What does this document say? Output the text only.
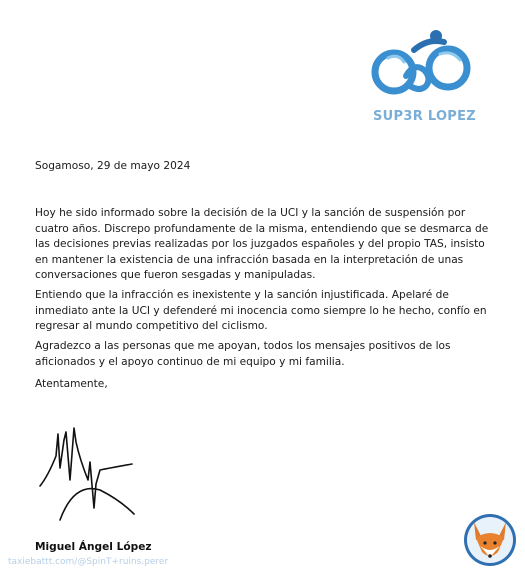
SUP3R LOPEZ
Sogamoso, 29 de mayo 2024
Hoy he sido informado sobre la decisión de la UCI y la sanción de suspensión por cuatro años. Discrepo profundamente de la misma, entendiendo que se desmarca de las decisiones previas realizadas por los juzgados españoles y del propio TAS, insisto en mantener la existencia de una infracción basada en la interpretación de unas conversaciones que fueron sesgadas y manipuladas.
Entiendo que la infracción es inexistente y la sanción injustificada. Apelaré de inmediato ante la UCI y defenderé mi inocencia como siempre lo he hecho, confío en regresar al mundo competitivo del ciclismo.
Agradezco a las personas que me apoyan, todos los mensajes positivos de los aficionados y el apoyo continuo de mi equipo y mi familia.
Atentamente,
Miguel Ángel López
taxiebattt.com/@SpinT+ruins.perer
